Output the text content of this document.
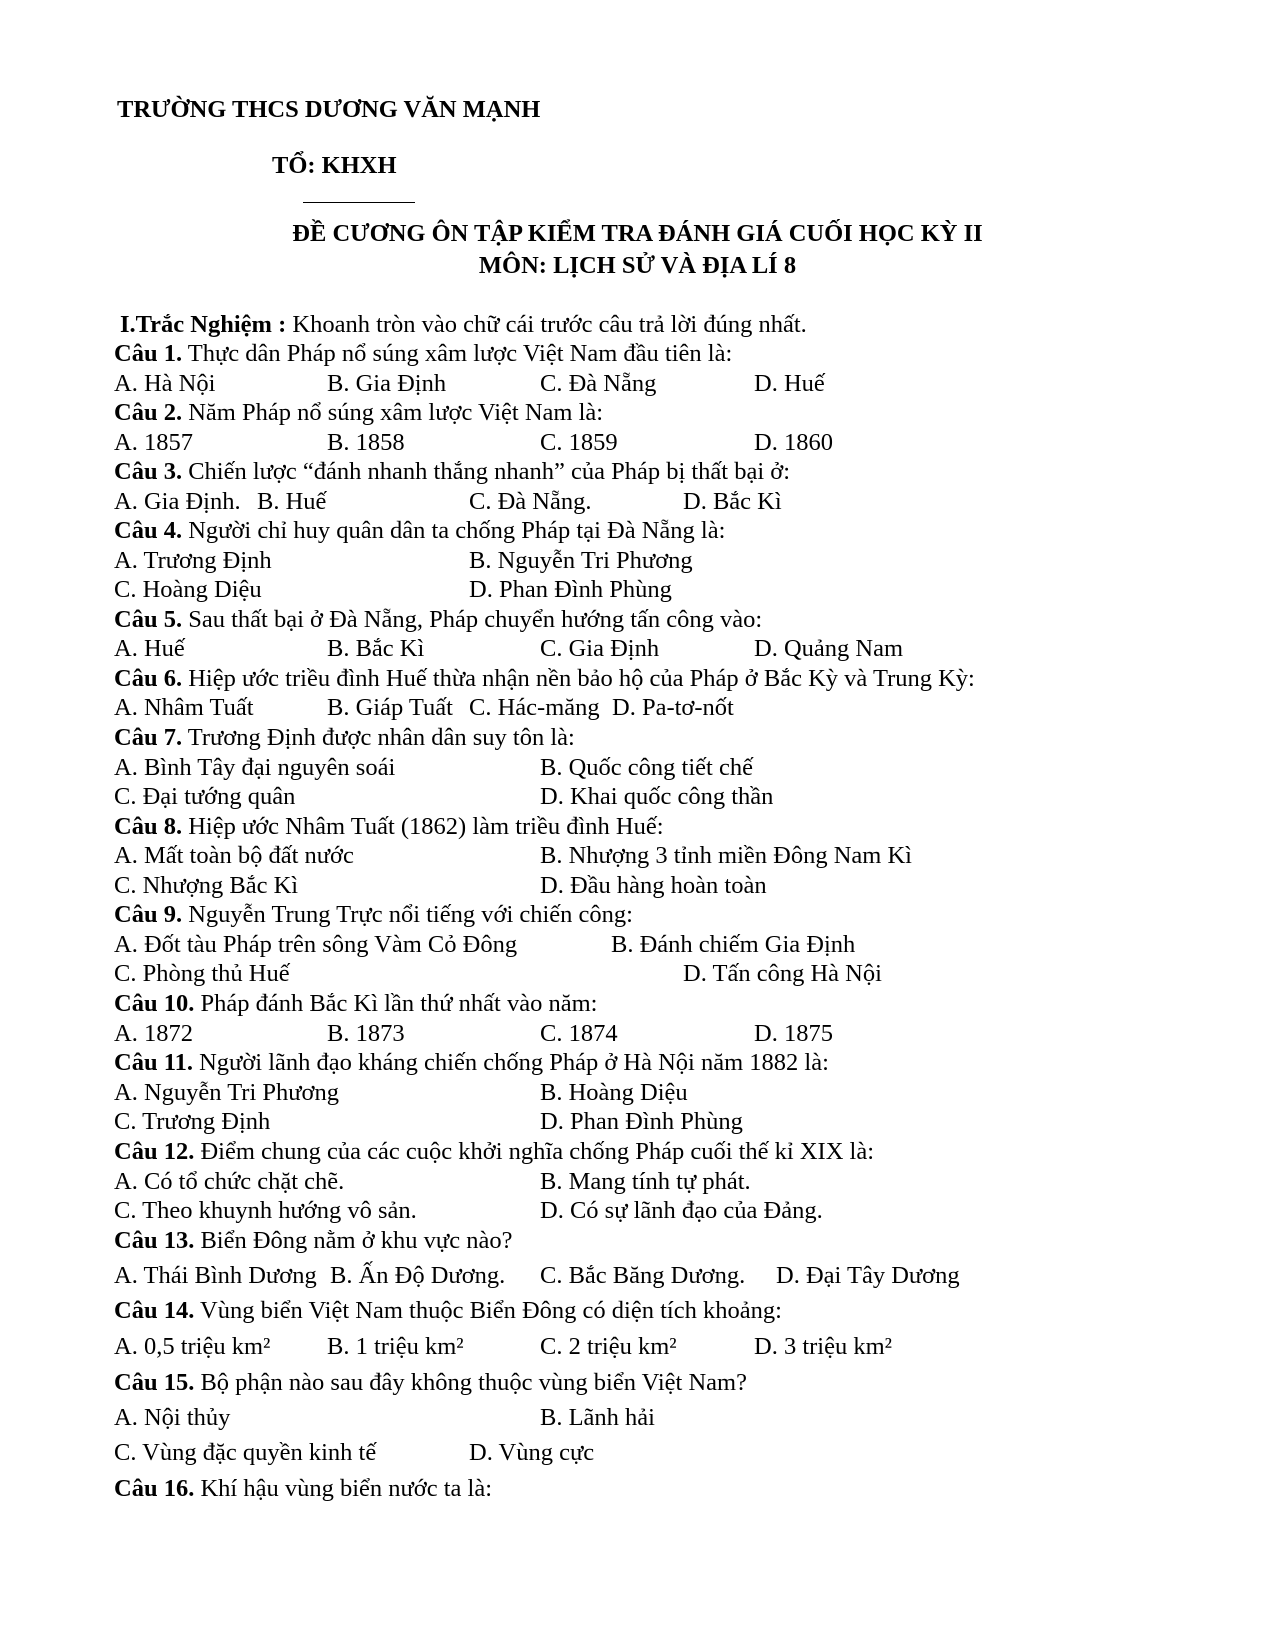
TRƯỜNG THCS DƯƠNG VĂN MẠNH
TỔ: KHXH
ĐỀ CƯƠNG ÔN TẬP KIỂM TRA ĐÁNH GIÁ CUỐI HỌC KỲ II
MÔN: LỊCH SỬ VÀ ĐỊA LÍ 8
I.Trắc Nghiệm : Khoanh tròn vào chữ cái trước câu trả lời đúng nhất.
Câu 1. Thực dân Pháp nổ súng xâm lược Việt Nam đầu tiên là:
A. Hà Nội	B. Gia Định	C. Đà Nẵng	D. Huế
Câu 2. Năm Pháp nổ súng xâm lược Việt Nam là:
A. 1857	B. 1858	C. 1859	D. 1860
Câu 3. Chiến lược “đánh nhanh thắng nhanh” của Pháp bị thất bại ở:
A. Gia Định. B. Huế	C. Đà Nẵng.	D. Bắc Kì
Câu 4. Người chỉ huy quân dân ta chống Pháp tại Đà Nẵng là:
A. Trương Định	B. Nguyễn Tri Phương
C. Hoàng Diệu	D. Phan Đình Phùng
Câu 5. Sau thất bại ở Đà Nẵng, Pháp chuyển hướng tấn công vào:
A. Huế	B. Bắc Kì	C. Gia Định	D. Quảng Nam
Câu 6. Hiệp ước triều đình Huế thừa nhận nền bảo hộ của Pháp ở Bắc Kỳ và Trung Kỳ:
A. Nhâm Tuất	B. Giáp Tuất C. Hác-măng D. Pa-tơ-nốt
Câu 7. Trương Định được nhân dân suy tôn là:
A. Bình Tây đại nguyên soái	B. Quốc công tiết chế
C. Đại tướng quân	D. Khai quốc công thần
Câu 8. Hiệp ước Nhâm Tuất (1862) làm triều đình Huế:
A. Mất toàn bộ đất nước	B. Nhượng 3 tỉnh miền Đông Nam Kì
C. Nhượng Bắc Kì	D. Đầu hàng hoàn toàn
Câu 9. Nguyễn Trung Trực nổi tiếng với chiến công:
A. Đốt tàu Pháp trên sông Vàm Cỏ Đông	B. Đánh chiếm Gia Định
C. Phòng thủ Huế	D. Tấn công Hà Nội
Câu 10. Pháp đánh Bắc Kì lần thứ nhất vào năm:
A. 1872	B. 1873	C. 1874	D. 1875
Câu 11. Người lãnh đạo kháng chiến chống Pháp ở Hà Nội năm 1882 là:
A. Nguyễn Tri Phương	B. Hoàng Diệu
C. Trương Định	D. Phan Đình Phùng
Câu 12. Điểm chung của các cuộc khởi nghĩa chống Pháp cuối thế kỉ XIX là:
A. Có tổ chức chặt chẽ.	B. Mang tính tự phát.
C. Theo khuynh hướng vô sản.	D. Có sự lãnh đạo của Đảng.
Câu 13. Biển Đông nằm ở khu vực nào?
A. Thái Bình Dương B. Ấn Độ Dương. C. Bắc Băng Dương. D. Đại Tây Dương
Câu 14. Vùng biển Việt Nam thuộc Biển Đông có diện tích khoảng:
A. 0,5 triệu km² B. 1 triệu km²	C. 2 triệu km²	D. 3 triệu km²
Câu 15. Bộ phận nào sau đây không thuộc vùng biển Việt Nam?
A. Nội thủy	B. Lãnh hải
C. Vùng đặc quyền kinh tế	D. Vùng cực
Câu 16. Khí hậu vùng biển nước ta là:
